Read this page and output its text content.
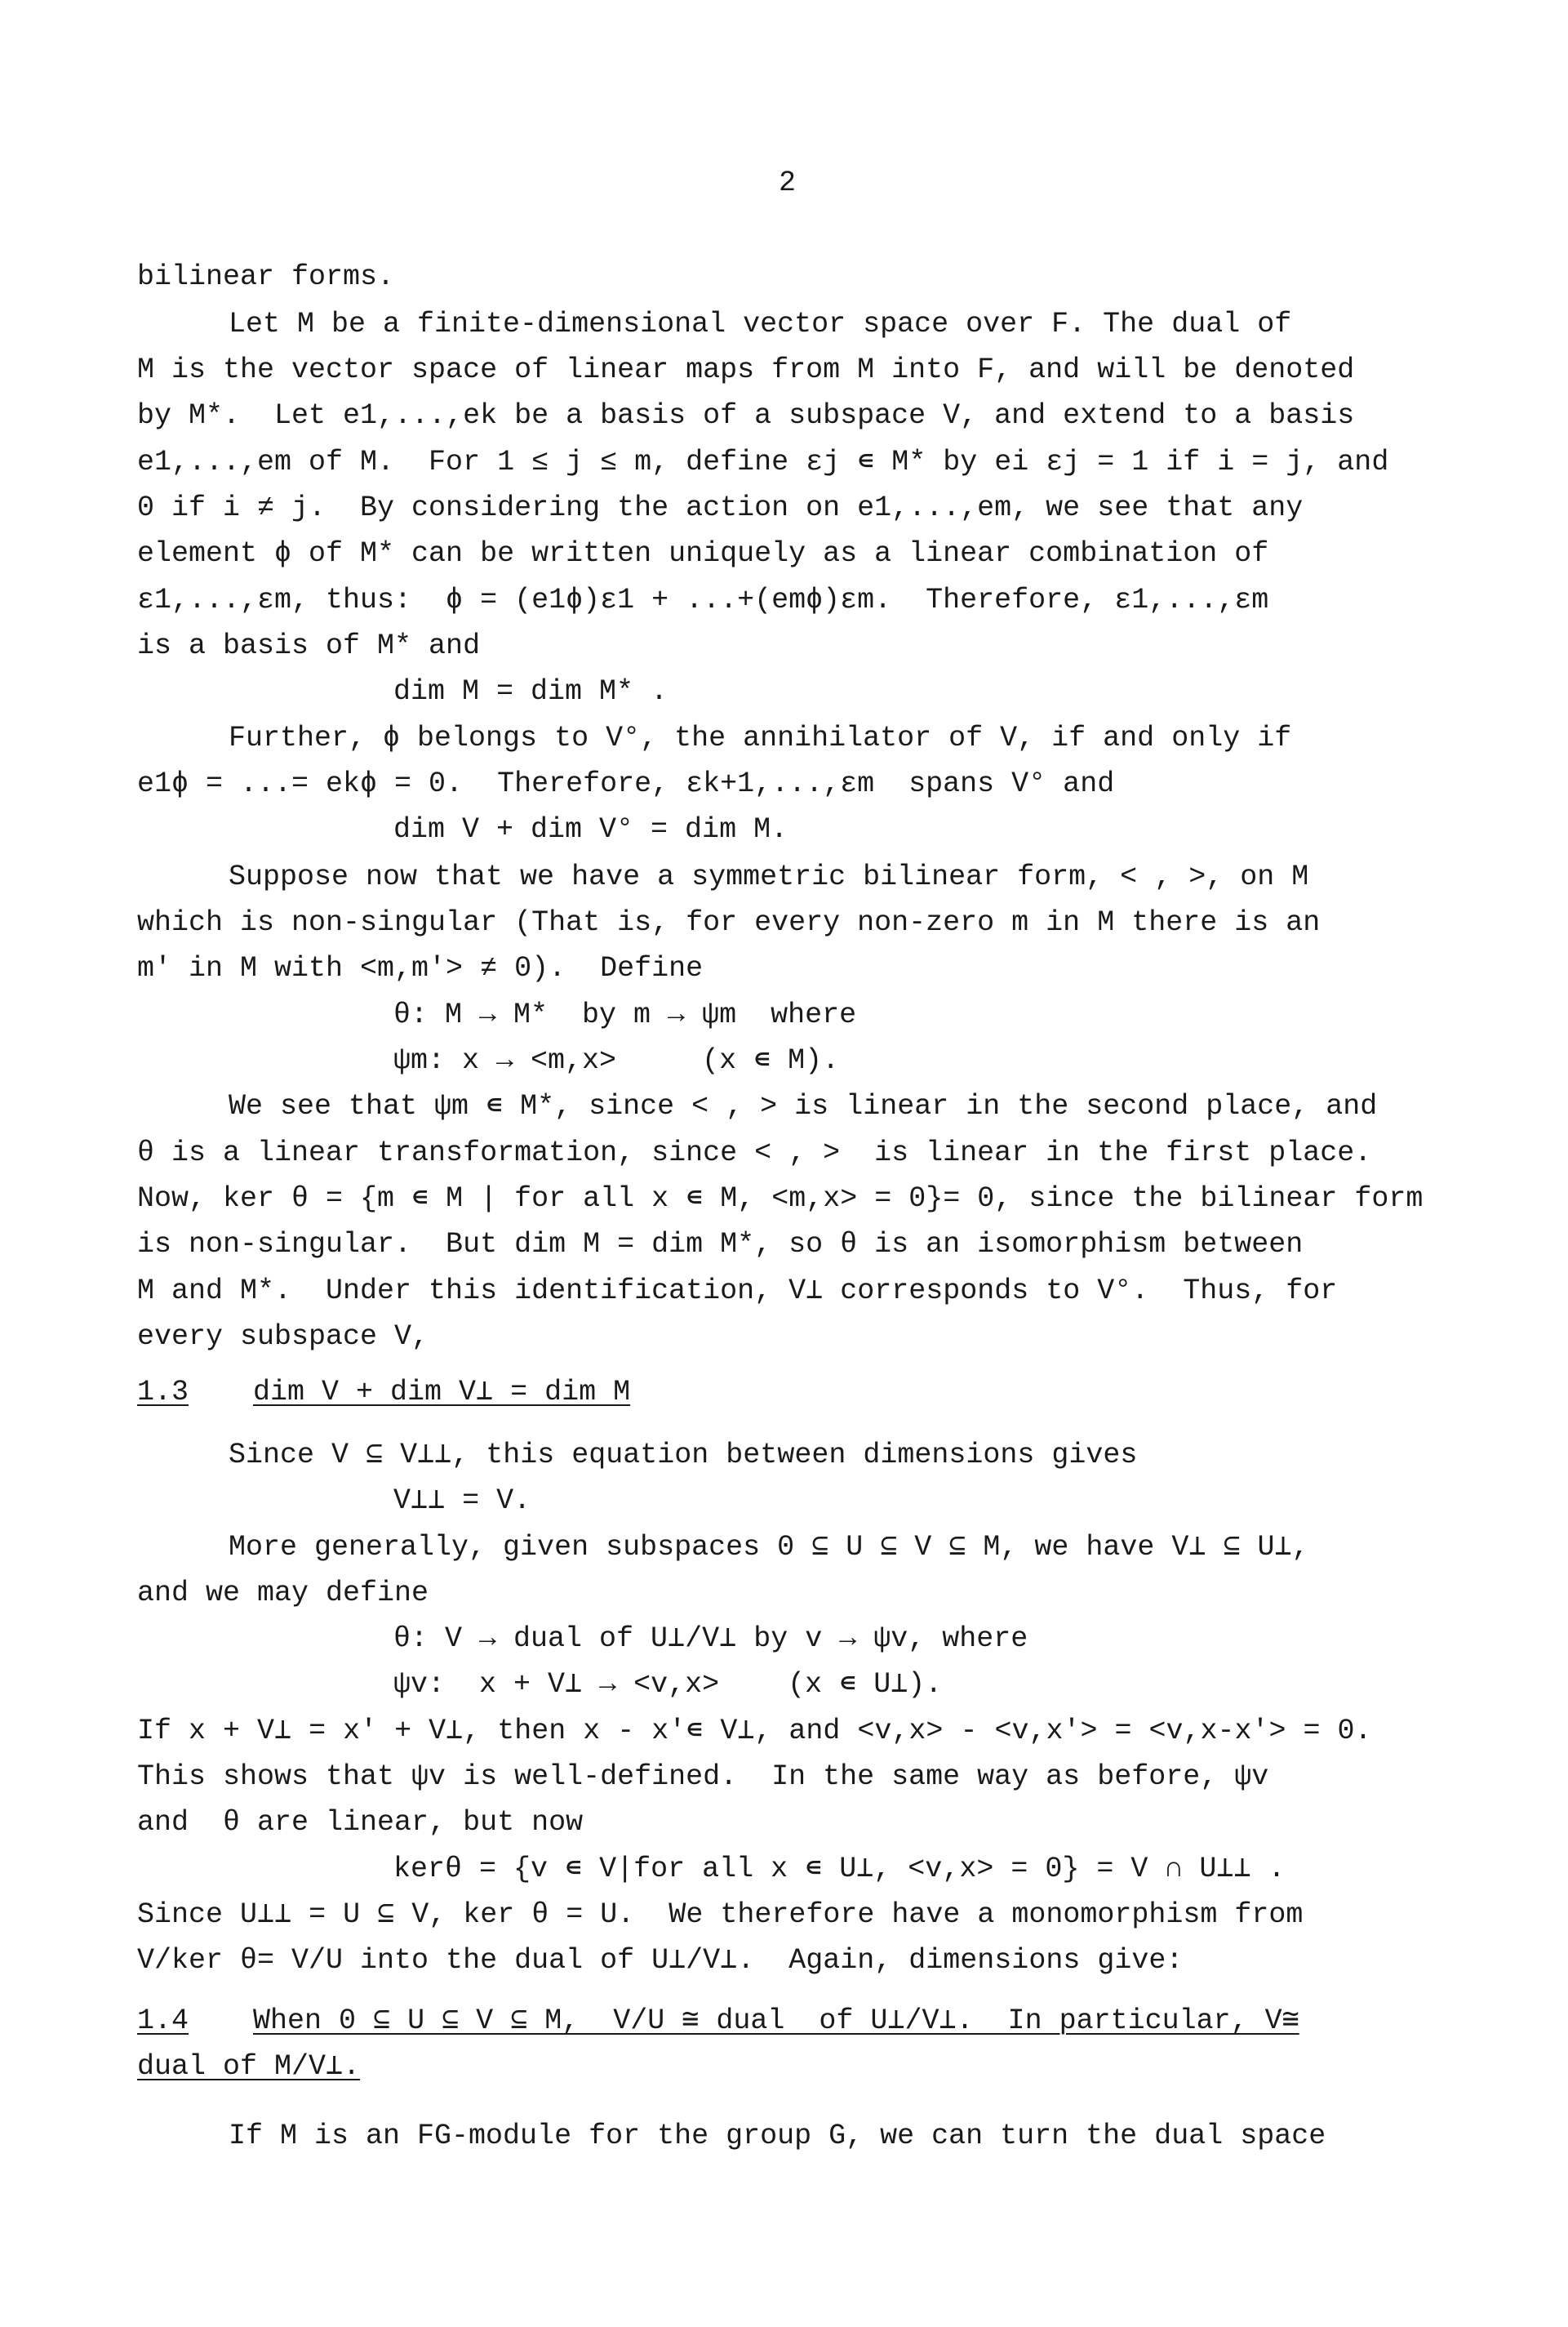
2
bilinear forms.
Let M be a finite-dimensional vector space over F. The dual of
M is the vector space of linear maps from M into F, and will be denoted
by M*.  Let e1,...,ek be a basis of a subspace V, and extend to a basis
e1,...,em of M.  For 1 ≤ j ≤ m, define εj ∊ M* by ei εj = 1 if i = j, and
0 if i ≠ j.  By considering the action on e1,...,em, we see that any
element ϕ of M* can be written uniquely as a linear combination of
ε1,...,εm, thus:  ϕ = (e1ϕ)ε1 + ...+(emϕ)εm.  Therefore, ε1,...,εm
is a basis of M* and
dim M = dim M* .
Further, ϕ belongs to V°, the annihilator of V, if and only if
e1ϕ = ...= ekϕ = 0.  Therefore, εk+1,...,εm  spans V° and
dim V + dim V° = dim M.
Suppose now that we have a symmetric bilinear form, < , >, on M
which is non-singular (That is, for every non-zero m in M there is an
m' in M with <m,m'> ≠ 0).  Define
θ: M → M*  by m → ψm  where
ψm: x → <m,x>     (x ∊ M).
We see that ψm ∊ M*, since < , > is linear in the second place, and
θ is a linear transformation, since < , >  is linear in the first place.
Now, ker θ = {m ∊ M | for all x ∊ M, <m,x> = 0}= 0, since the bilinear form
is non-singular.  But dim M = dim M*, so θ is an isomorphism between
M and M*.  Under this identification, V⊥ corresponds to V°.  Thus, for
every subspace V,
1.3 dim V + dim V⊥ = dim M
Since V ⊆ V⊥⊥, this equation between dimensions gives
V⊥⊥ = V.
More generally, given subspaces 0 ⊆ U ⊆ V ⊆ M, we have V⊥ ⊆ U⊥,
and we may define
θ: V → dual of U⊥/V⊥ by v → ψv, where
ψv:  x + V⊥ → <v,x>    (x ∊ U⊥).
If x + V⊥ = x' + V⊥, then x - x'∊ V⊥, and <v,x> - <v,x'> = <v,x-x'> = 0.
This shows that ψv is well-defined.  In the same way as before, ψv
and  θ are linear, but now
kerθ = {v ∊ V|for all x ∊ U⊥, <v,x> = 0} = V ∩ U⊥⊥ .
Since U⊥⊥ = U ⊆ V, ker θ = U.  We therefore have a monomorphism from
V/ker θ= V/U into the dual of U⊥/V⊥.  Again, dimensions give:
1.4 When 0 ⊆ U ⊆ V ⊆ M,  V/U ≅ dual  of U⊥/V⊥.  In particular, V≅
dual of M/V⊥.
If M is an FG-module for the group G, we can turn the dual space
